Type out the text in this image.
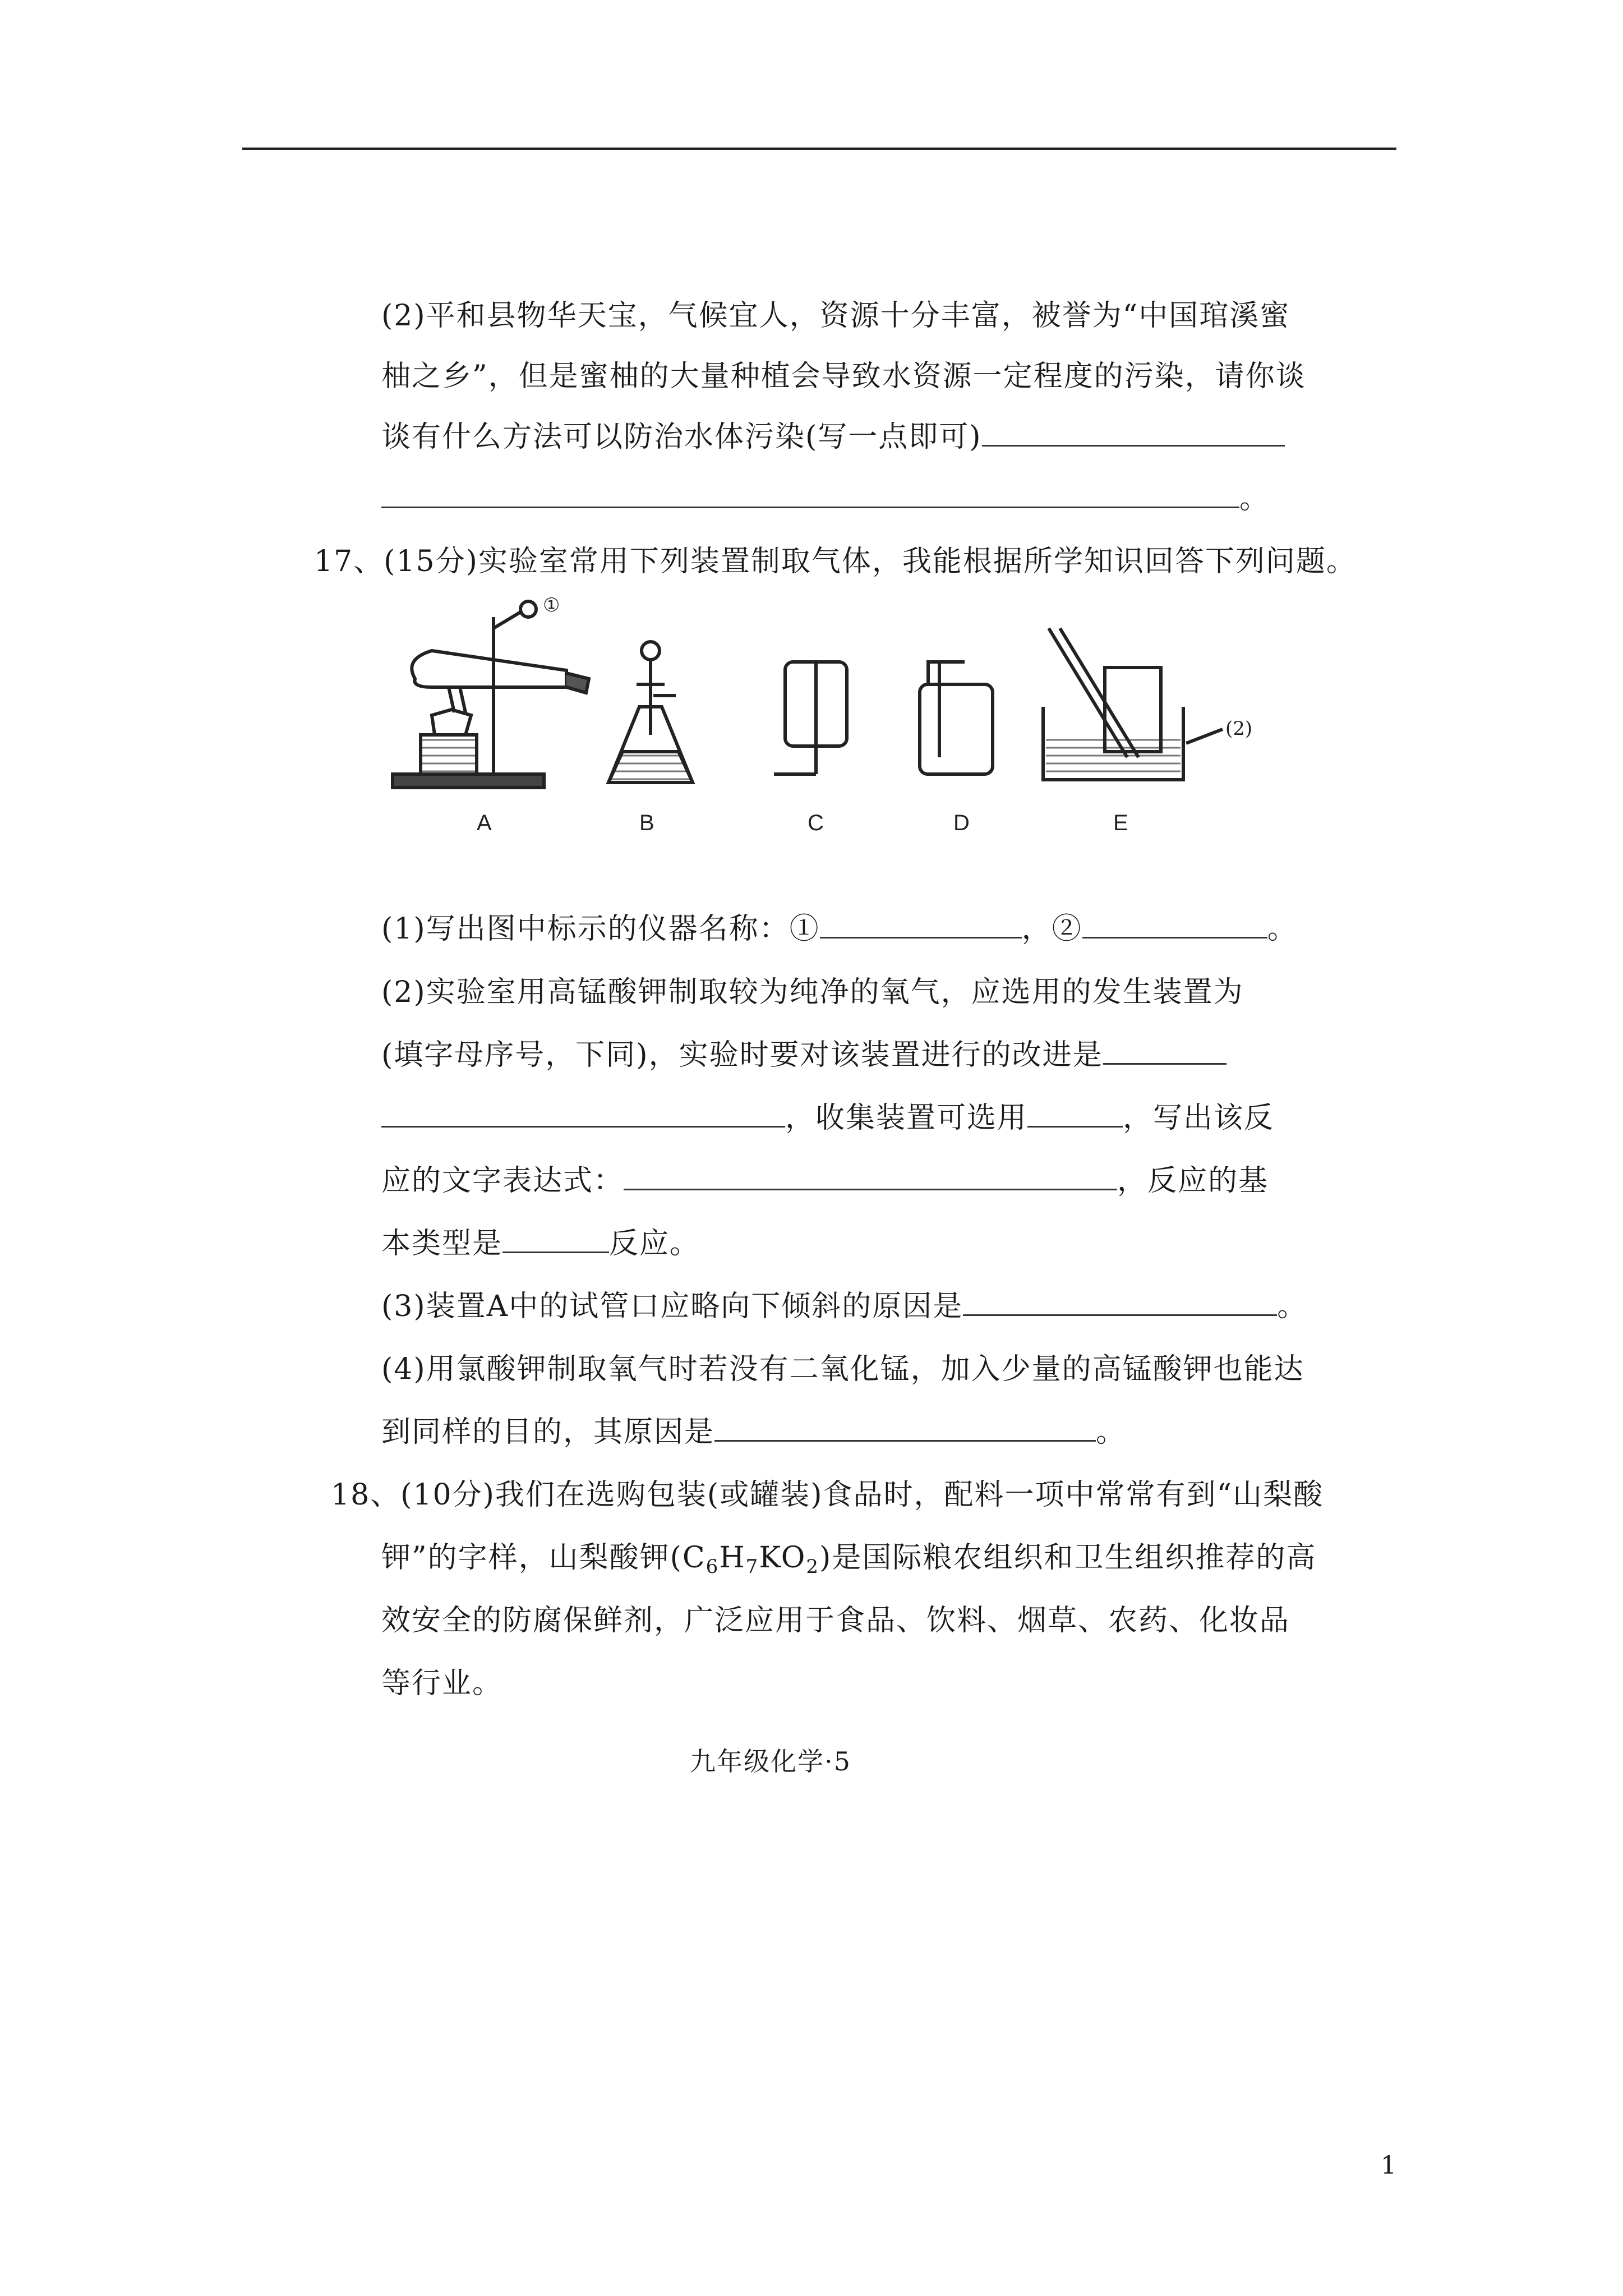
(2)平和县物华天宝，气候宜人，资源十分丰富，被誉为“中国琯溪蜜
柚之乡”，但是蜜柚的大量种植会导致水资源一定程度的污染，请你谈
谈有什么方法可以防治水体污染(写一点即可)
。
17、(15分)实验室常用下列装置制取气体，我能根据所学知识回答下列问题。
①
(2)
A	B	C	D	E
(1)写出图中标示的仪器名称：①	，②	。
(2)实验室用高锰酸钾制取较为纯净的氧气，应选用的发生装置为
(填字母序号，下同)，实验时要对该装置进行的改进是
，收集装置可选用	，写出该反
应的文字表达式：	，反应的基
本类型是	反应。
(3)装置A中的试管口应略向下倾斜的原因是	。
(4)用氯酸钾制取氧气时若没有二氧化锰，加入少量的高锰酸钾也能达
到同样的目的，其原因是	。
18、(10分)我们在选购包装(或罐装)食品时，配料一项中常常有到“山梨酸
钾”的字样，山梨酸钾$(C_6H_7KO_2)$是国际粮农组织和卫生组织推荐的高
效安全的防腐保鲜剂，广泛应用于食品、饮料、烟草、农药、化妆品
等行业。
九年级化学·5
1
